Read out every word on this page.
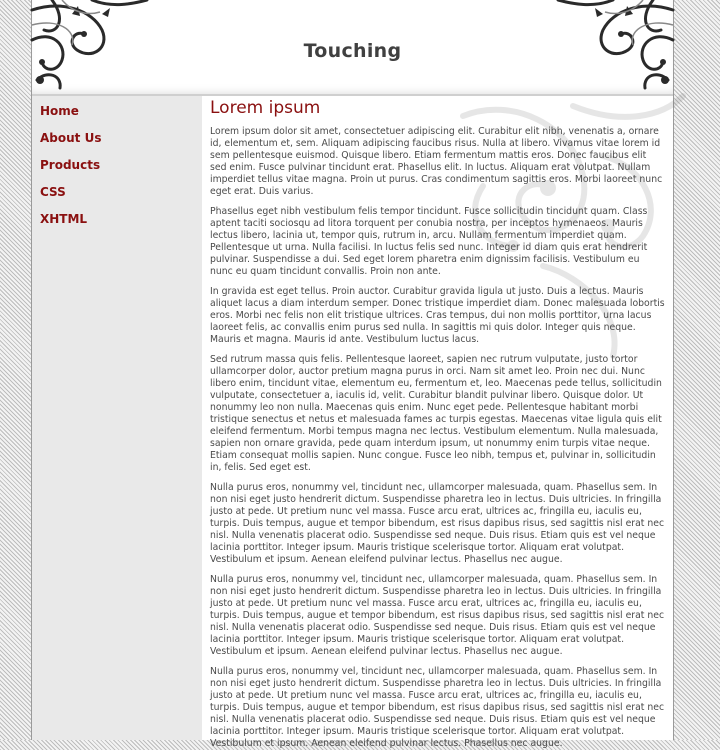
Touching
Home
About Us
Products
CSS
XHTML
Lorem ipsum

Lorem ipsum dolor sit amet, consectetuer adipiscing elit. Curabitur elit nibh, venenatis a, ornare id, elementum et, sem. Aliquam adipiscing faucibus risus. Nulla at libero. Vivamus vitae lorem id sem pellentesque euismod. Quisque libero. Etiam fermentum mattis eros. Donec faucibus elit sed enim. Fusce pulvinar tincidunt erat. Phasellus elit. In luctus. Aliquam erat volutpat. Nullam imperdiet tellus vitae magna. Proin ut purus. Cras condimentum sagittis eros. Morbi laoreet nunc eget erat. Duis varius.

Phasellus eget nibh vestibulum felis tempor tincidunt. Fusce sollicitudin tincidunt quam. Class aptent taciti sociosqu ad litora torquent per conubia nostra, per inceptos hymenaeos. Mauris lectus libero, lacinia ut, tempor quis, rutrum in, arcu. Nullam fermentum imperdiet quam. Pellentesque ut urna. Nulla facilisi. In luctus felis sed nunc. Integer id diam quis erat hendrerit pulvinar. Suspendisse a dui. Sed eget lorem pharetra enim dignissim facilisis. Vestibulum eu nunc eu quam tincidunt convallis. Proin non ante.

In gravida est eget tellus. Proin auctor. Curabitur gravida ligula ut justo. Duis a lectus. Mauris aliquet lacus a diam interdum semper. Donec tristique imperdiet diam. Donec malesuada lobortis eros. Morbi nec felis non elit tristique ultrices. Cras tempus, dui non mollis porttitor, urna lacus laoreet felis, ac convallis enim purus sed nulla. In sagittis mi quis dolor. Integer quis neque. Mauris et magna. Mauris id ante. Vestibulum luctus lacus.

Sed rutrum massa quis felis. Pellentesque laoreet, sapien nec rutrum vulputate, justo tortor ullamcorper dolor, auctor pretium magna purus in orci. Nam sit amet leo. Proin nec dui. Nunc libero enim, tincidunt vitae, elementum eu, fermentum et, leo. Maecenas pede tellus, sollicitudin vulputate, consectetuer a, iaculis id, velit. Curabitur blandit pulvinar libero. Quisque dolor. Ut nonummy leo non nulla. Maecenas quis enim. Nunc eget pede. Pellentesque habitant morbi tristique senectus et netus et malesuada fames ac turpis egestas. Maecenas vitae ligula quis elit eleifend fermentum. Morbi tempus magna nec lectus. Vestibulum elementum. Nulla malesuada, sapien non ornare gravida, pede quam interdum ipsum, ut nonummy enim turpis vitae neque. Etiam consequat mollis sapien. Nunc congue. Fusce leo nibh, tempus et, pulvinar in, sollicitudin in, felis. Sed eget est.

Nulla purus eros, nonummy vel, tincidunt nec, ullamcorper malesuada, quam. Phasellus sem. In non nisi eget justo hendrerit dictum. Suspendisse pharetra leo in lectus. Duis ultricies. In fringilla justo at pede. Ut pretium nunc vel massa. Fusce arcu erat, ultrices ac, fringilla eu, iaculis eu, turpis. Duis tempus, augue et tempor bibendum, est risus dapibus risus, sed sagittis nisl erat nec nisl. Nulla venenatis placerat odio. Suspendisse sed neque. Duis risus. Etiam quis est vel neque lacinia porttitor. Integer ipsum. Mauris tristique scelerisque tortor. Aliquam erat volutpat. Vestibulum et ipsum. Aenean eleifend pulvinar lectus. Phasellus nec augue.

Nulla purus eros, nonummy vel, tincidunt nec, ullamcorper malesuada, quam. Phasellus sem. In non nisi eget justo hendrerit dictum. Suspendisse pharetra leo in lectus. Duis ultricies. In fringilla justo at pede. Ut pretium nunc vel massa. Fusce arcu erat, ultrices ac, fringilla eu, iaculis eu, turpis. Duis tempus, augue et tempor bibendum, est risus dapibus risus, sed sagittis nisl erat nec nisl. Nulla venenatis placerat odio. Suspendisse sed neque. Duis risus. Etiam quis est vel neque lacinia porttitor. Integer ipsum. Mauris tristique scelerisque tortor. Aliquam erat volutpat. Vestibulum et ipsum. Aenean eleifend pulvinar lectus. Phasellus nec augue.

Nulla purus eros, nonummy vel, tincidunt nec, ullamcorper malesuada, quam. Phasellus sem. In non nisi eget justo hendrerit dictum. Suspendisse pharetra leo in lectus. Duis ultricies. In fringilla justo at pede. Ut pretium nunc vel massa. Fusce arcu erat, ultrices ac, fringilla eu, iaculis eu, turpis. Duis tempus, augue et tempor bibendum, est risus dapibus risus, sed sagittis nisl erat nec nisl. Nulla venenatis placerat odio. Suspendisse sed neque. Duis risus. Etiam quis est vel neque lacinia porttitor. Integer ipsum. Mauris tristique scelerisque tortor. Aliquam erat volutpat. Vestibulum et ipsum. Aenean eleifend pulvinar lectus. Phasellus nec augue.
